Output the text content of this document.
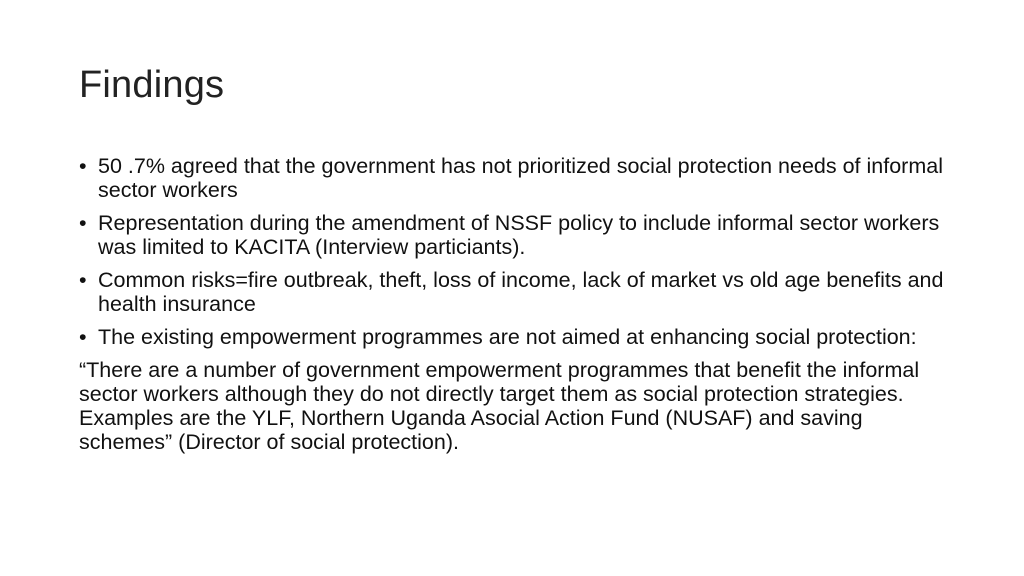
Findings
• 50 .7% agreed that the government has not prioritized social protection needs of informal sector workers
• Representation during the amendment of NSSF policy to include informal sector workers was limited to KACITA (Interview particiants).
• Common risks=fire outbreak, theft, loss of income, lack of market vs old age benefits and health insurance
• The existing empowerment programmes are not aimed at enhancing social protection:

“There are a number of government empowerment programmes that benefit the informal sector workers although they do not directly target them as social protection strategies. Examples are the YLF, Northern Uganda Asocial Action Fund (NUSAF) and saving schemes” (Director of social protection).
